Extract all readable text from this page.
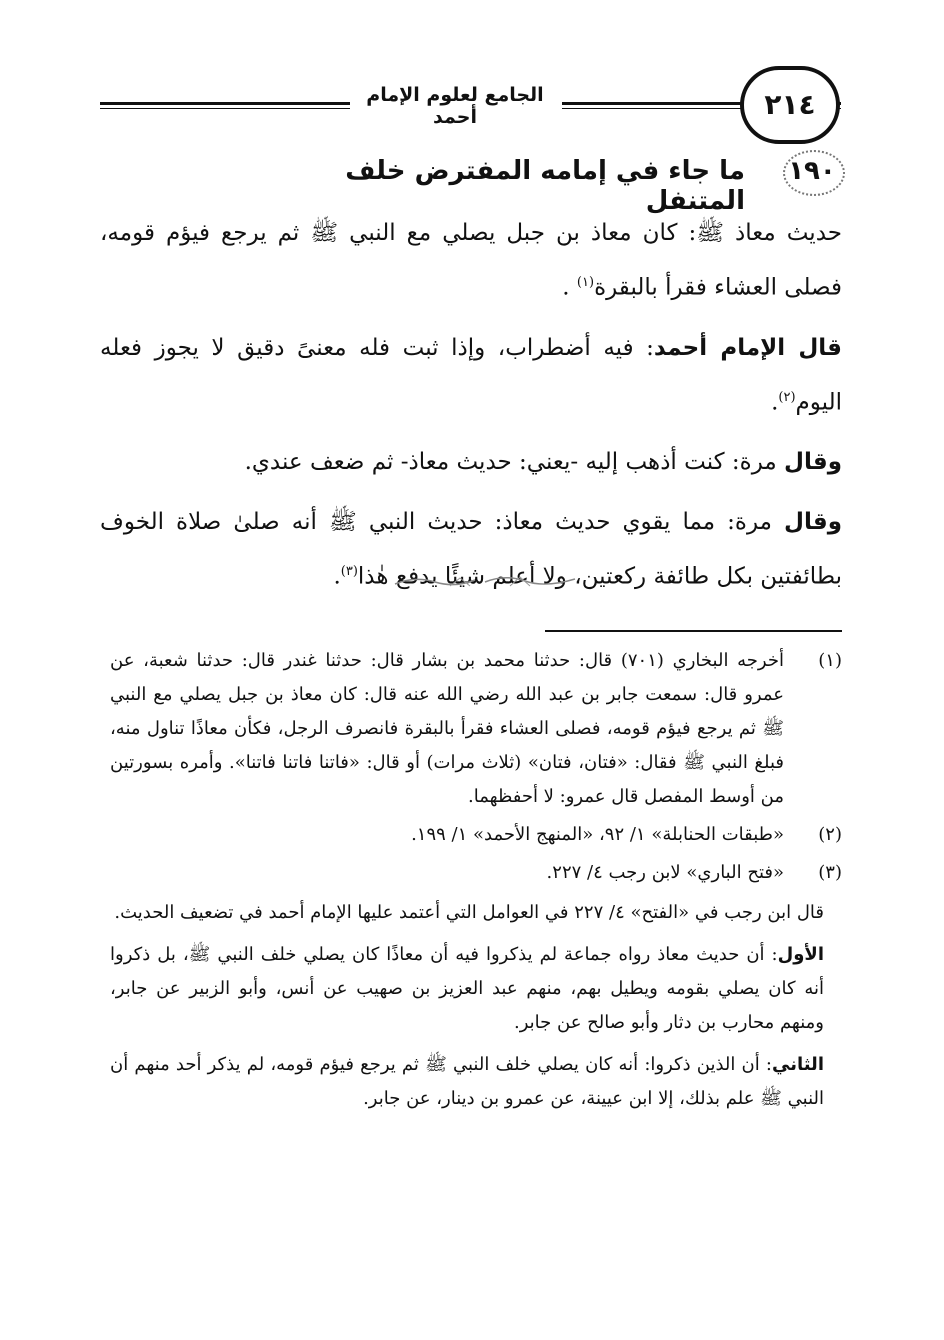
الجامع لعلوم الإمام أحمد	٢١٤
١٩٠
ما جاء في إمامه المفترض خلف المتنفل

حديث معاذ ﷺ: كان معاذ بن جبل يصلي مع النبي ﷺ ثم يرجع فيؤم قومه، فصلى العشاء فقرأ بالبقرة$^{(١)}$ .

قال الإمام أحمد: فيه أضطراب، وإذا ثبت فله معنىً دقيق لا يجوز فعله اليوم$^{(٢)}$.

وقال مرة: كنت أذهب إليه -يعني: حديث معاذ- ثم ضعف عندي.

وقال مرة: مما يقوي حديث معاذ: حديث النبي ﷺ أنه صلىٰ صلاة الخوف بطائفتين بكل طائفة ركعتين، ولا أعلم شيئًا يدفع هٰذا$^{(٣)}$.

(١)
أخرجه البخاري (٧٠١) قال: حدثنا محمد بن بشار قال: حدثنا غندر قال: حدثنا شعبة، عن عمرو قال: سمعت جابر بن عبد الله رضي الله عنه قال: كان معاذ بن جبل يصلي مع النبي ﷺ ثم يرجع فيؤم قومه، فصلى العشاء فقرأ بالبقرة فانصرف الرجل، فكأن معاذًا تناول منه، فبلغ النبي ﷺ فقال: «فتان، فتان» (ثلاث مرات) أو قال: «فاتنا فاتنا فاتنا». وأمره بسورتين من أوسط المفصل قال عمرو: لا أحفظهما.
(٢)
«طبقات الحنابلة» ١/ ٩٢، «المنهج الأحمد» ١/ ١٩٩.
(٣)
«فتح الباري» لابن رجب ٤/ ٢٢٧.

قال ابن رجب في «الفتح» ٤/ ٢٢٧ في العوامل التي أعتمد عليها الإمام أحمد في تضعيف الحديث.

الأول: أن حديث معاذ رواه جماعة لم يذكروا فيه أن معاذًا كان يصلي خلف النبي ﷺ، بل ذكروا أنه كان يصلي بقومه ويطيل بهم، منهم عبد العزيز بن صهيب عن أنس، وأبو الزبير عن جابر، ومنهم محارب بن دثار وأبو صالح عن جابر.

الثاني: أن الذين ذكروا: أنه كان يصلي خلف النبي ﷺ ثم يرجع فيؤم قومه، لم يذكر أحد منهم أن النبي ﷺ علم بذلك، إلا ابن عيينة، عن عمرو بن دينار، عن جابر.
